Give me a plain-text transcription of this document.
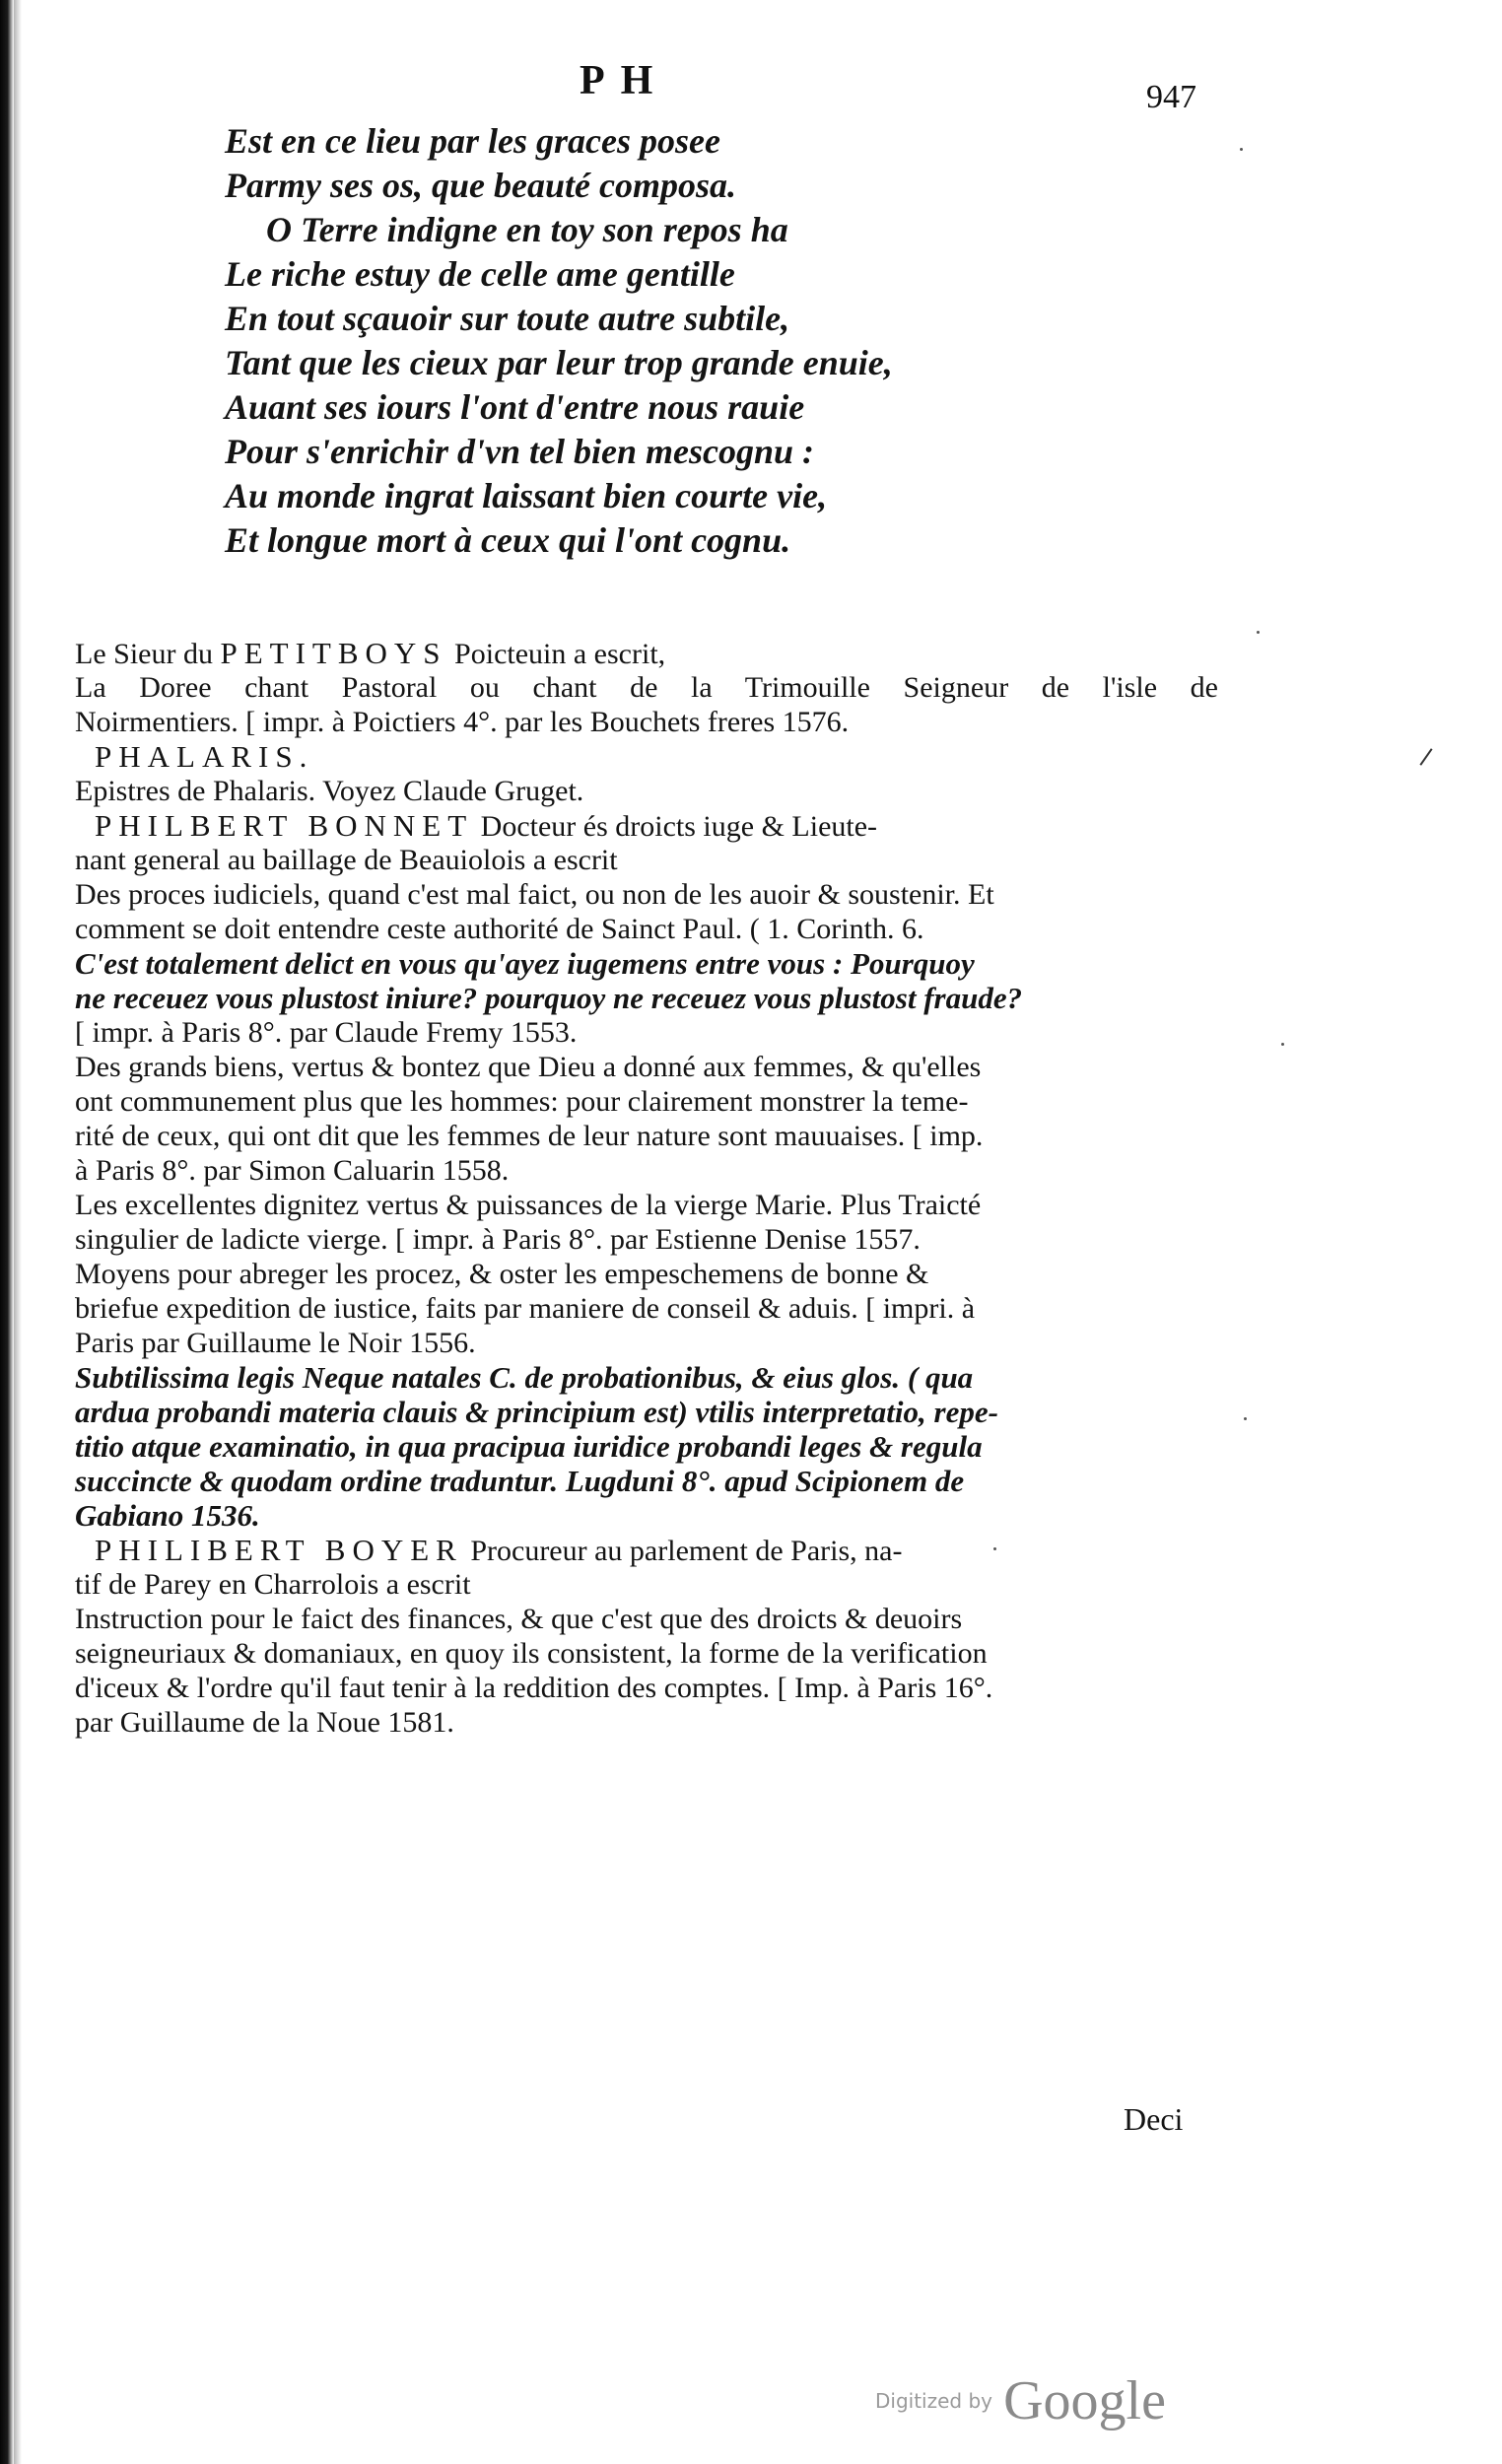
PH	947
Est en ce lieu par les graces posee
Parmy ses os, que beauté composa.
O Terre indigne en toy son repos ha
Le riche estuy de celle ame gentille
En tout sçauoir sur toute autre subtile,
Tant que les cieux par leur trop grande enuie,
Auant ses iours l'ont d'entre nous rauie
Pour s'enrichir d'vn tel bien mescognu :
Au monde ingrat laissant bien courte vie,
Et longue mort à ceux qui l'ont cognu.
Le Sieur du PETITBOYS Poicteuin a escrit,
La Doree chant Pastoral ou chant de la Trimouille Seigneur de l'isle de
Noirmentiers. [ impr. à Poictiers 4°. par les Bouchets freres 1576.
PHALARIS.
Epistres de Phalaris. Voyez Claude Gruget.
PHILBERT BONNET Docteur és droicts iuge & Lieute-
nant general au baillage de Beauiolois a escrit
Des proces iudiciels, quand c'est mal faict, ou non de les auoir & soustenir. Et
comment se doit entendre ceste authorité de Sainct Paul. ( 1. Corinth. 6.
C'est totalement delict en vous qu'ayez iugemens entre vous : Pourquoy
ne receuez vous plustost iniure? pourquoy ne receuez vous plustost fraude?
[ impr. à Paris 8°. par Claude Fremy 1553.
Des grands biens, vertus & bontez que Dieu a donné aux femmes, & qu'elles
ont communement plus que les hommes: pour clairement monstrer la teme-
rité de ceux, qui ont dit que les femmes de leur nature sont mauuaises. [ imp.
à Paris 8°. par Simon Caluarin 1558.
Les excellentes dignitez vertus & puissances de la vierge Marie. Plus Traicté
singulier de ladicte vierge. [ impr. à Paris 8°. par Estienne Denise 1557.
Moyens pour abreger les procez, & oster les empeschemens de bonne &
briefue expedition de iustice, faits par maniere de conseil & aduis. [ impri. à
Paris par Guillaume le Noir 1556.
Subtilissima legis Neque natales C. de probationibus, & eius glos. ( qua
ardua probandi materia clauis & principium est) vtilis interpretatio, repe-
titio atque examinatio, in qua pracipua iuridice probandi leges & regula
succincte & quodam ordine traduntur. Lugduni 8°. apud Scipionem de
Gabiano 1536.
PHILIBERT BOYER Procureur au parlement de Paris, na-
tif de Parey en Charrolois a escrit
Instruction pour le faict des finances, & que c'est que des droicts & deuoirs
seigneuriaux & domaniaux, en quoy ils consistent, la forme de la verification
d'iceux & l'ordre qu'il faut tenir à la reddition des comptes. [ Imp. à Paris 16°.
par Guillaume de la Noue 1581.
Deci
Digitized by Google
